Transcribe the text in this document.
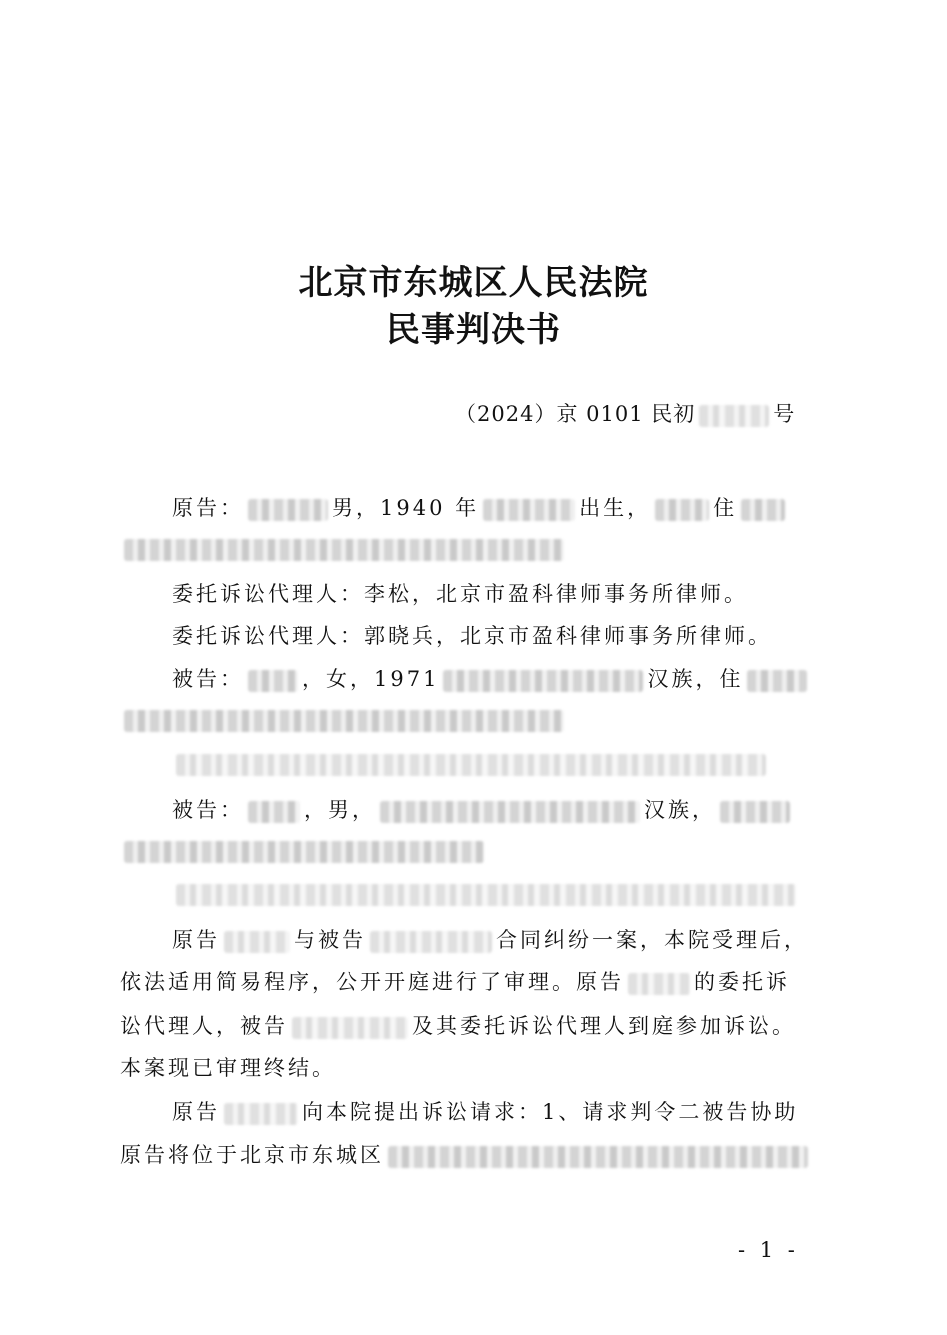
北京市东城区人民法院
民事判决书
（2024）京 0101 民初	号
原告：	男，1940 年	出生，	住
委托诉讼代理人：李松，北京市盈科律师事务所律师。
委托诉讼代理人：郭晓兵，北京市盈科律师事务所律师。
被告：	，女，1971	汉族，住
被告：	，男，	汉族，
原告	与被告	合同纠纷一案，本院受理后，
依法适用简易程序，公开开庭进行了审理。原告	的委托诉
讼代理人，被告	及其委托诉讼代理人到庭参加诉讼。
本案现已审理终结。
原告	向本院提出诉讼请求：1、请求判令二被告协助
原告将位于北京市东城区
- 1 -
